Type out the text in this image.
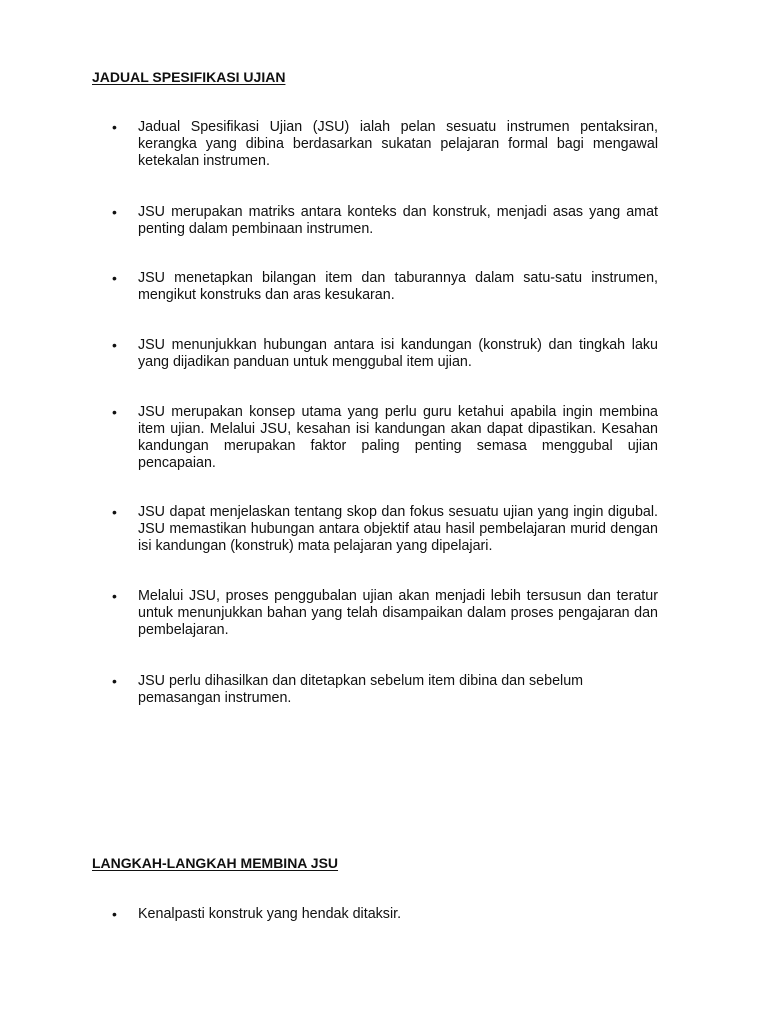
JADUAL SPESIFIKASI UJIAN
•	Jadual Spesifikasi Ujian (JSU) ialah pelan sesuatu instrumen pentaksiran, kerangka yang dibina berdasarkan sukatan pelajaran formal bagi mengawal ketekalan instrumen.
•	JSU merupakan matriks antara konteks dan konstruk, menjadi asas yang amat penting dalam pembinaan instrumen.
•	JSU menetapkan bilangan item dan taburannya dalam satu-satu instrumen, mengikut konstruks dan aras kesukaran.
•	JSU menunjukkan hubungan antara isi kandungan (konstruk) dan tingkah laku yang dijadikan panduan untuk menggubal item ujian.
•	JSU merupakan konsep utama yang perlu guru ketahui apabila ingin membina item ujian. Melalui JSU, kesahan isi kandungan akan dapat dipastikan. Kesahan kandungan merupakan faktor paling penting semasa menggubal ujian pencapaian.
•	JSU dapat menjelaskan tentang skop dan fokus sesuatu ujian yang ingin digubal. JSU memastikan hubungan antara objektif atau hasil pembelajaran murid dengan isi kandungan (konstruk) mata pelajaran yang dipelajari.
•	Melalui JSU, proses penggubalan ujian akan menjadi lebih tersusun dan teratur untuk menunjukkan bahan yang telah disampaikan dalam proses pengajaran dan pembelajaran.
•	JSU perlu dihasilkan dan ditetapkan sebelum item dibina dan sebelum pemasangan instrumen.
LANGKAH-LANGKAH MEMBINA JSU
•	Kenalpasti konstruk yang hendak ditaksir.
